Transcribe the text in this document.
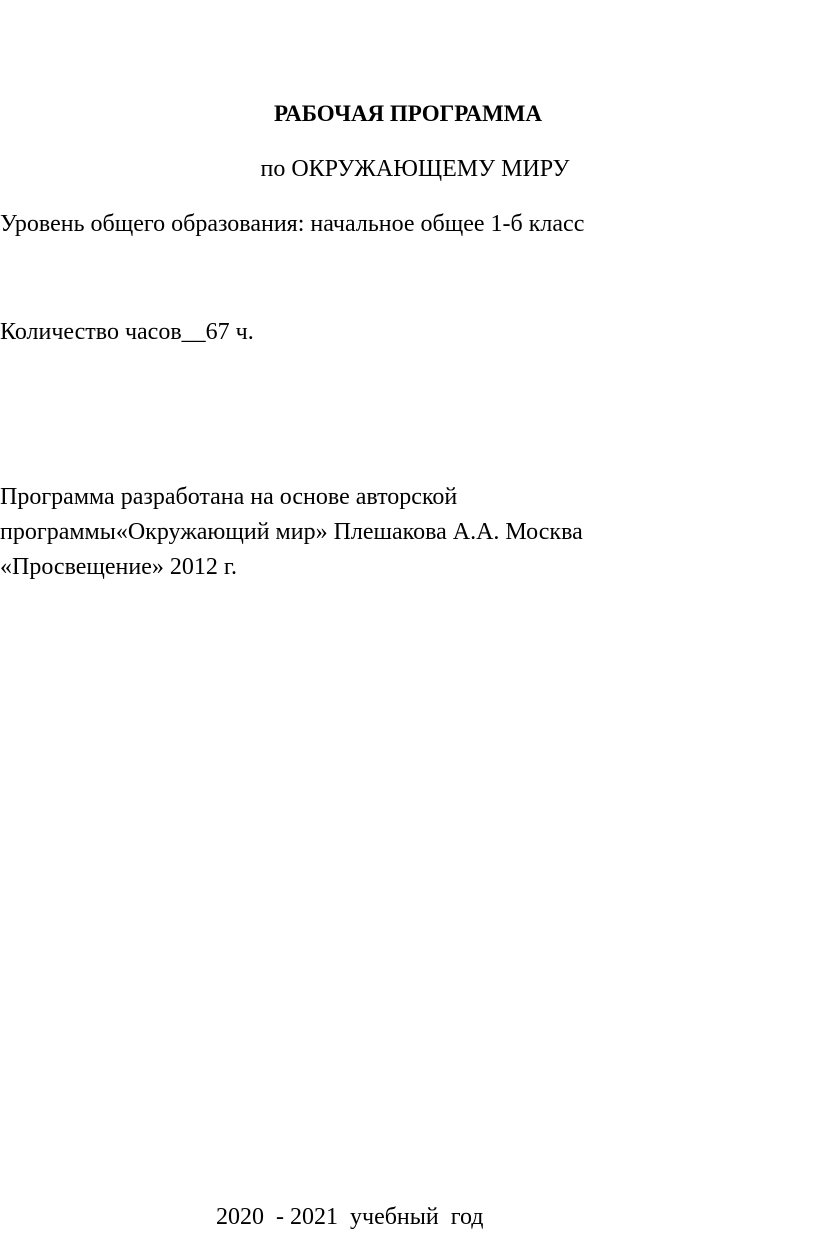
РАБОЧАЯ ПРОГРАММА
по ОКРУЖАЮЩЕМУ МИРУ
Уровень общего образования: начальное общее 1-б класс
Количество часов__67 ч.
Программа разработана на основе авторской
программы«Окружающий мир» Плешакова А.А. Москва
«Просвещение» 2012 г.
2020  - 2021  учебный  год
